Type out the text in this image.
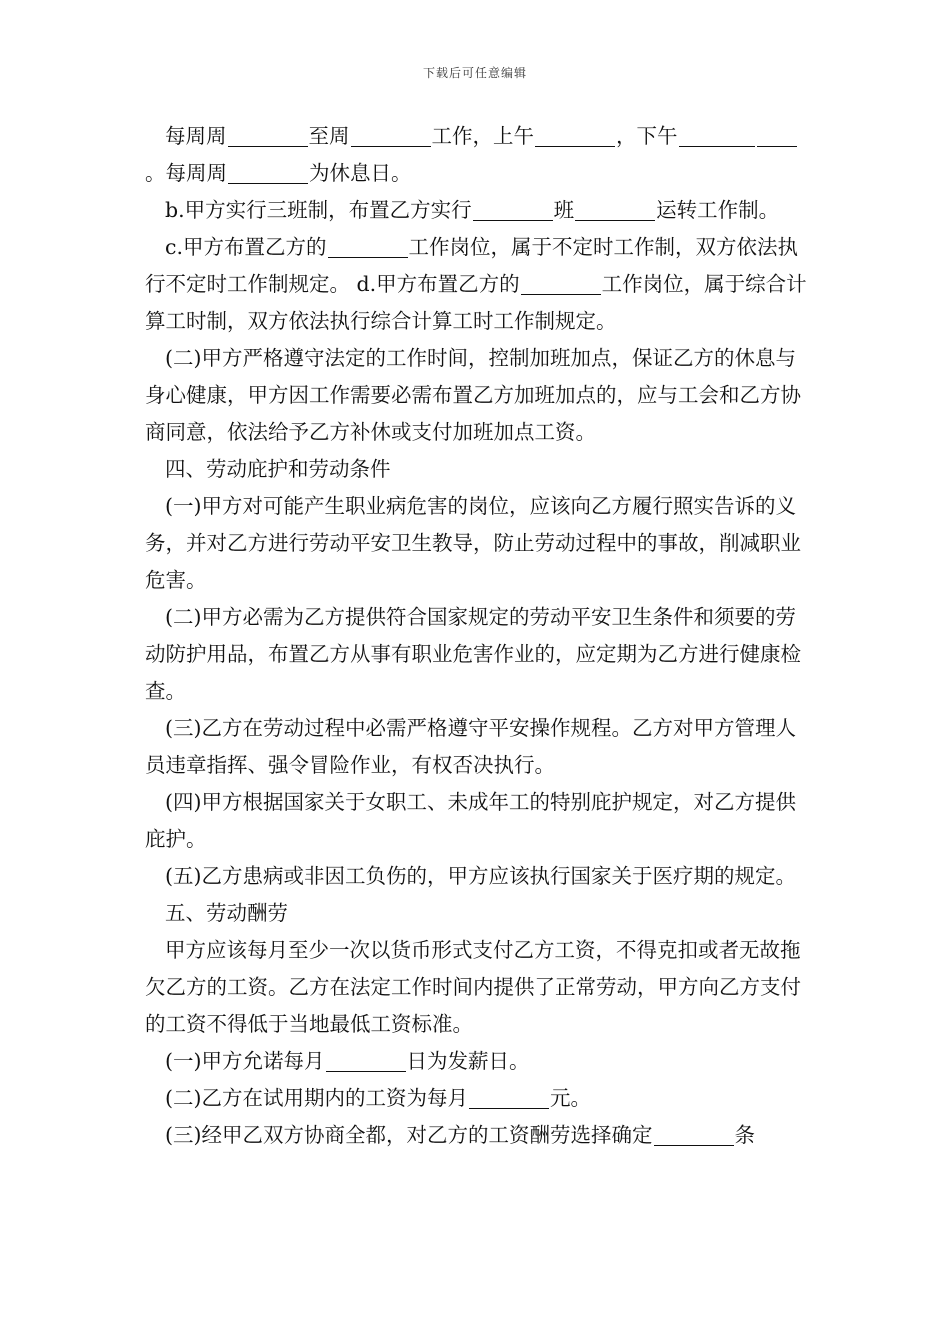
下载后可任意编辑

每周周	至周	工作，上午	，下午。每周周	为休息日。

b.甲方实行三班制，布置乙方实行	班	运转工作制。

c.甲方布置乙方的	工作岗位，属于不定时工作制，双方依法执行不定时工作制规定。 d.甲方布置乙方的	工作岗位，属于综合计算工时制，双方依法执行综合计算工时工作制规定。

(二)甲方严格遵守法定的工作时间，控制加班加点，保证乙方的休息与身心健康，甲方因工作需要必需布置乙方加班加点的，应与工会和乙方协商同意，依法给予乙方补休或支付加班加点工资。

四、劳动庇护和劳动条件

(一)甲方对可能产生职业病危害的岗位，应该向乙方履行照实告诉的义务，并对乙方进行劳动平安卫生教导，防止劳动过程中的事故，削减职业危害。

(二)甲方必需为乙方提供符合国家规定的劳动平安卫生条件和须要的劳动防护用品，布置乙方从事有职业危害作业的，应定期为乙方进行健康检查。

(三)乙方在劳动过程中必需严格遵守平安操作规程。乙方对甲方管理人员违章指挥、强令冒险作业，有权否决执行。

(四)甲方根据国家关于女职工、未成年工的特别庇护规定，对乙方提供庇护。

(五)乙方患病或非因工负伤的，甲方应该执行国家关于医疗期的规定。

五、劳动酬劳

甲方应该每月至少一次以货币形式支付乙方工资，不得克扣或者无故拖欠乙方的工资。乙方在法定工作时间内提供了正常劳动，甲方向乙方支付的工资不得低于当地最低工资标准。

(一)甲方允诺每月	日为发薪日。

(二)乙方在试用期内的工资为每月	元。

(三)经甲乙双方协商全都，对乙方的工资酬劳选择确定	条
